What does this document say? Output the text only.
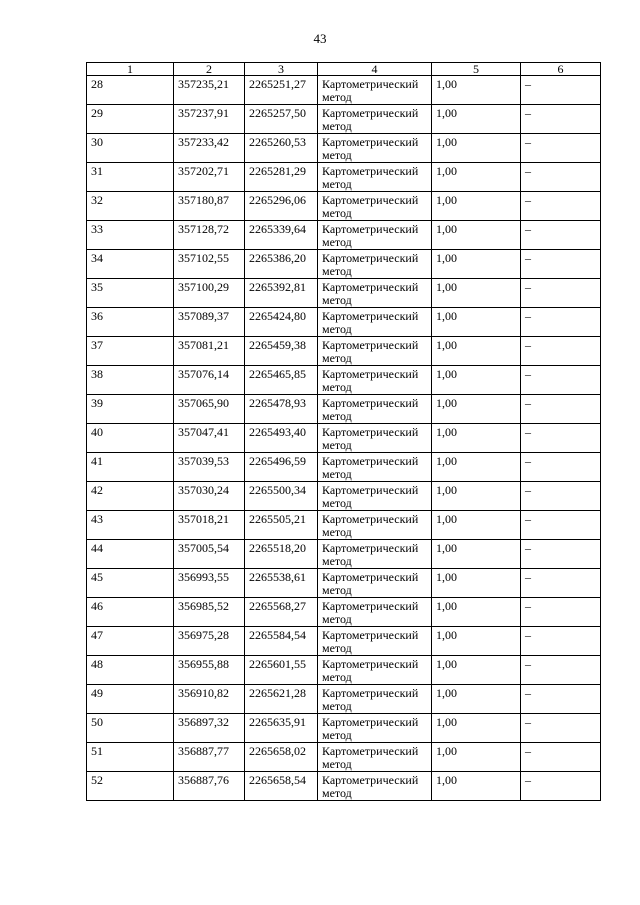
43
1	2	3	4	5	6
28	357235,21	2265251,27	Картометрический метод	1,00	–
29	357237,91	2265257,50	Картометрический метод	1,00	–
30	357233,42	2265260,53	Картометрический метод	1,00	–
31	357202,71	2265281,29	Картометрический метод	1,00	–
32	357180,87	2265296,06	Картометрический метод	1,00	–
33	357128,72	2265339,64	Картометрический метод	1,00	–
34	357102,55	2265386,20	Картометрический метод	1,00	–
35	357100,29	2265392,81	Картометрический метод	1,00	–
36	357089,37	2265424,80	Картометрический метод	1,00	–
37	357081,21	2265459,38	Картометрический метод	1,00	–
38	357076,14	2265465,85	Картометрический метод	1,00	–
39	357065,90	2265478,93	Картометрический метод	1,00	–
40	357047,41	2265493,40	Картометрический метод	1,00	–
41	357039,53	2265496,59	Картометрический метод	1,00	–
42	357030,24	2265500,34	Картометрический метод	1,00	–
43	357018,21	2265505,21	Картометрический метод	1,00	–
44	357005,54	2265518,20	Картометрический метод	1,00	–
45	356993,55	2265538,61	Картометрический метод	1,00	–
46	356985,52	2265568,27	Картометрический метод	1,00	–
47	356975,28	2265584,54	Картометрический метод	1,00	–
48	356955,88	2265601,55	Картометрический метод	1,00	–
49	356910,82	2265621,28	Картометрический метод	1,00	–
50	356897,32	2265635,91	Картометрический метод	1,00	–
51	356887,77	2265658,02	Картометрический метод	1,00	–
52	356887,76	2265658,54	Картометрический метод	1,00	–
